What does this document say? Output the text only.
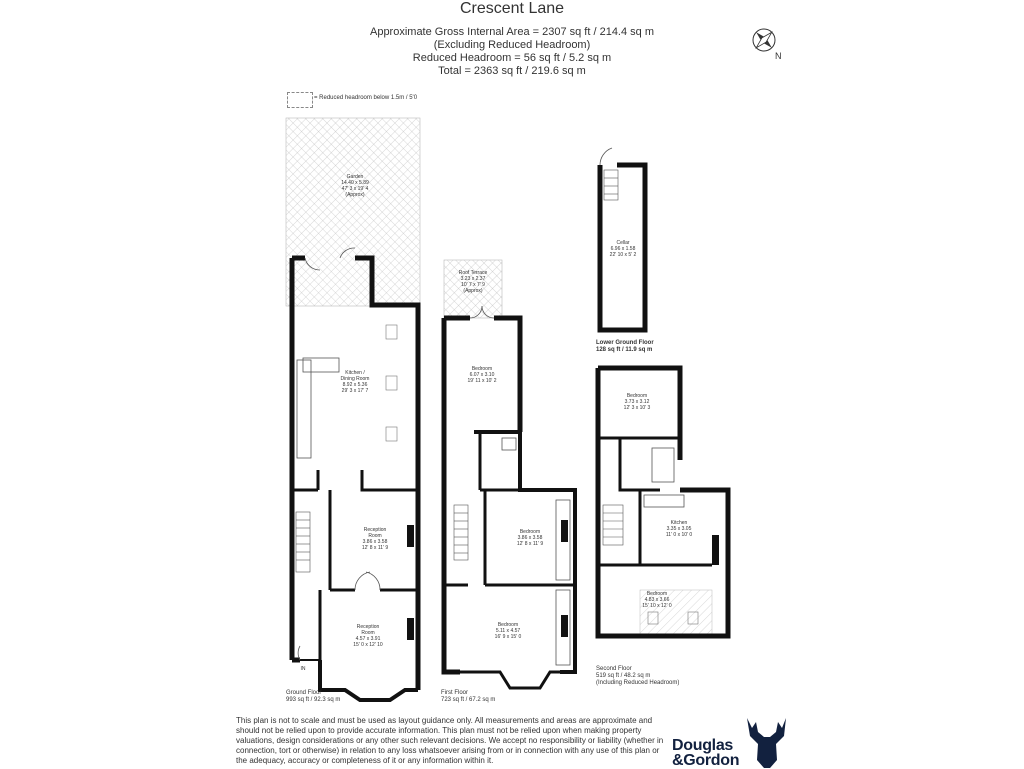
Crescent Lane
Approximate Gross Internal Area = 2307 sq ft / 214.4 sq m
(Excluding Reduced Headroom)
Reduced Headroom = 56 sq ft / 5.2 sq m
Total = 2363 sq ft / 219.6 sq m
N
= Reduced headroom below 1.5m / 5'0
Garden
14.40 x 5.89
47' 3 x 19' 4
(Approx)
Kitchen /
Dining Room
8.92 x 5.36
29' 3 x 17' 7
Reception
Room
3.86 x 3.58
12' 8 x 11' 9
Reception
Room
4.57 x 3.91
15' 0 x 12' 10
IN
Roof Terrace
3.23 x 2.37
10' 7 x 7' 9
(Approx)
Bedroom
6.07 x 3.10
19' 11 x 10' 2
Bedroom
3.86 x 3.58
12' 8 x 11' 9
Bedroom
5.11 x 4.57
16' 9 x 15' 0
Cellar
6.96 x 1.58
22' 10 x 5' 2
Bedroom
3.73 x 3.12
12' 3 x 10' 3
Kitchen
3.35 x 3.05
11' 0 x 10' 0
Bedroom
4.83 x 3.66
15' 10 x 12' 0
Ground Floor
993 sq ft / 92.3 sq m
First Floor
723 sq ft / 67.2 sq m
Lower Ground Floor
128 sq ft / 11.9 sq m
Second Floor
519 sq ft / 48.2 sq m
(Including Reduced Headroom)
This plan is not to scale and must be used as layout guidance only. All measurements and areas are approximate and should not be relied upon to provide accurate information. This plan must not be relied upon when making property valuations, design considerations or any other such relevant decisions. We accept no responsibility or liability (whether in connection, tort or otherwise) in relation to any loss whatsoever arising from or in connection with any use of this plan or the adequacy, accuracy or completeness of it or any information within it.
Douglas
&Gordon
